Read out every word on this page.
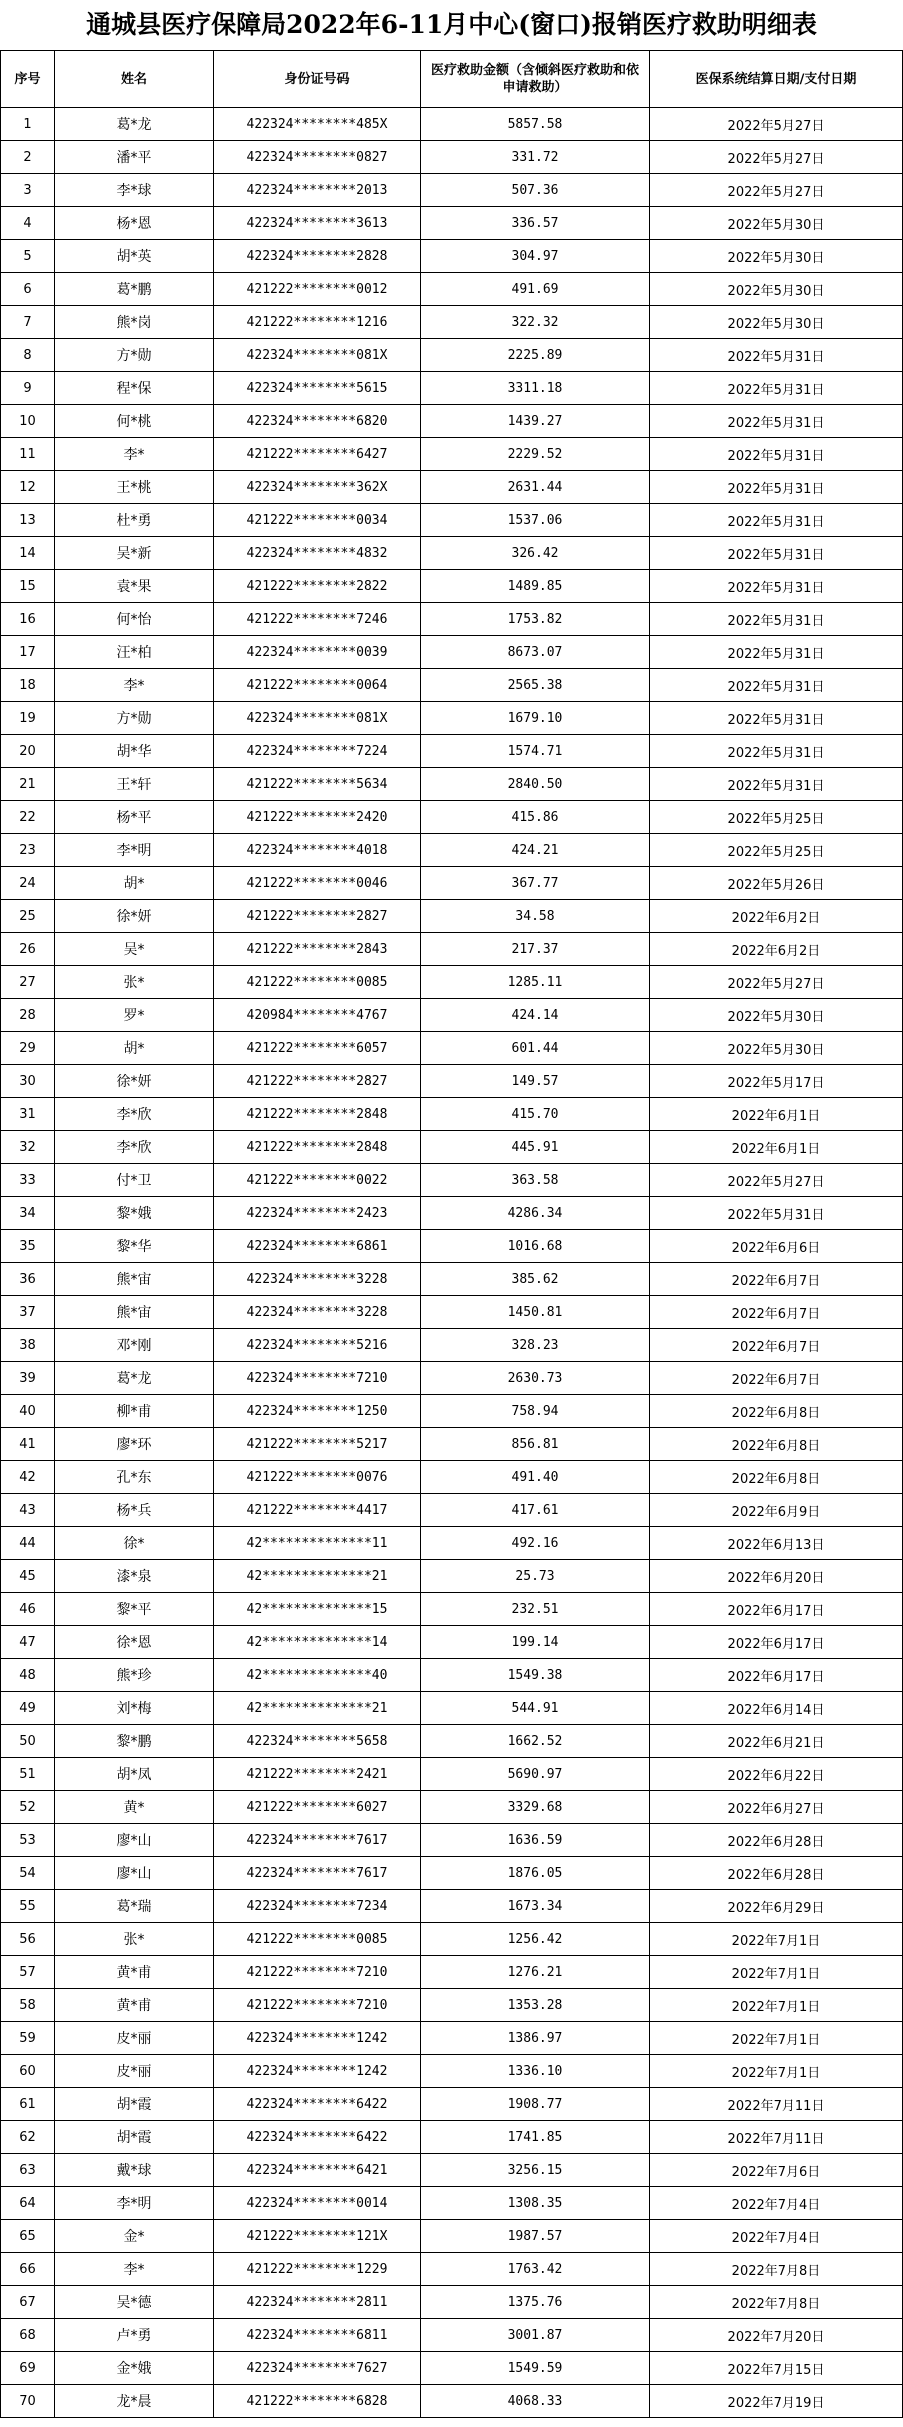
通城县医疗保障局2022年6-11月中心(窗口)报销医疗救助明细表
序号	姓名	身份证号码	医疗救助金额（含倾斜医疗救助和依申请救助）	医保系统结算日期/支付日期
1	葛*龙	422324********485X	5857.58	2022年5月27日
2	潘*平	422324********0827	331.72	2022年5月27日
3	李*球	422324********2013	507.36	2022年5月27日
4	杨*恩	422324********3613	336.57	2022年5月30日
5	胡*英	422324********2828	304.97	2022年5月30日
6	葛*鹏	421222********0012	491.69	2022年5月30日
7	熊*岗	421222********1216	322.32	2022年5月30日
8	方*勋	422324********081X	2225.89	2022年5月31日
9	程*保	422324********5615	3311.18	2022年5月31日
10	何*桃	422324********6820	1439.27	2022年5月31日
11	李*	421222********6427	2229.52	2022年5月31日
12	王*桃	422324********362X	2631.44	2022年5月31日
13	杜*勇	421222********0034	1537.06	2022年5月31日
14	吴*新	422324********4832	326.42	2022年5月31日
15	袁*果	421222********2822	1489.85	2022年5月31日
16	何*怡	421222********7246	1753.82	2022年5月31日
17	汪*柏	422324********0039	8673.07	2022年5月31日
18	李*	421222********0064	2565.38	2022年5月31日
19	方*勋	422324********081X	1679.10	2022年5月31日
20	胡*华	422324********7224	1574.71	2022年5月31日
21	王*轩	421222********5634	2840.50	2022年5月31日
22	杨*平	421222********2420	415.86	2022年5月25日
23	李*明	422324********4018	424.21	2022年5月25日
24	胡*	421222********0046	367.77	2022年5月26日
25	徐*妍	421222********2827	34.58	2022年6月2日
26	吴*	421222********2843	217.37	2022年6月2日
27	张*	421222********0085	1285.11	2022年5月27日
28	罗*	420984********4767	424.14	2022年5月30日
29	胡*	421222********6057	601.44	2022年5月30日
30	徐*妍	421222********2827	149.57	2022年5月17日
31	李*欣	421222********2848	415.70	2022年6月1日
32	李*欣	421222********2848	445.91	2022年6月1日
33	付*卫	421222********0022	363.58	2022年5月27日
34	黎*娥	422324********2423	4286.34	2022年5月31日
35	黎*华	422324********6861	1016.68	2022年6月6日
36	熊*宙	422324********3228	385.62	2022年6月7日
37	熊*宙	422324********3228	1450.81	2022年6月7日
38	邓*刚	422324********5216	328.23	2022年6月7日
39	葛*龙	422324********7210	2630.73	2022年6月7日
40	柳*甫	422324********1250	758.94	2022年6月8日
41	廖*环	421222********5217	856.81	2022年6月8日
42	孔*东	421222********0076	491.40	2022年6月8日
43	杨*兵	421222********4417	417.61	2022年6月9日
44	徐*	42**************11	492.16	2022年6月13日
45	漆*泉	42**************21	25.73	2022年6月20日
46	黎*平	42**************15	232.51	2022年6月17日
47	徐*恩	42**************14	199.14	2022年6月17日
48	熊*珍	42**************40	1549.38	2022年6月17日
49	刘*梅	42**************21	544.91	2022年6月14日
50	黎*鹏	422324********5658	1662.52	2022年6月21日
51	胡*凤	421222********2421	5690.97	2022年6月22日
52	黄*	421222********6027	3329.68	2022年6月27日
53	廖*山	422324********7617	1636.59	2022年6月28日
54	廖*山	422324********7617	1876.05	2022年6月28日
55	葛*瑞	422324********7234	1673.34	2022年6月29日
56	张*	421222********0085	1256.42	2022年7月1日
57	黄*甫	421222********7210	1276.21	2022年7月1日
58	黄*甫	421222********7210	1353.28	2022年7月1日
59	皮*丽	422324********1242	1386.97	2022年7月1日
60	皮*丽	422324********1242	1336.10	2022年7月1日
61	胡*霞	422324********6422	1908.77	2022年7月11日
62	胡*霞	422324********6422	1741.85	2022年7月11日
63	戴*球	422324********6421	3256.15	2022年7月6日
64	李*明	422324********0014	1308.35	2022年7月4日
65	金*	421222********121X	1987.57	2022年7月4日
66	李*	421222********1229	1763.42	2022年7月8日
67	吴*德	422324********2811	1375.76	2022年7月8日
68	卢*勇	422324********6811	3001.87	2022年7月20日
69	金*娥	422324********7627	1549.59	2022年7月15日
70	龙*晨	421222********6828	4068.33	2022年7月19日
